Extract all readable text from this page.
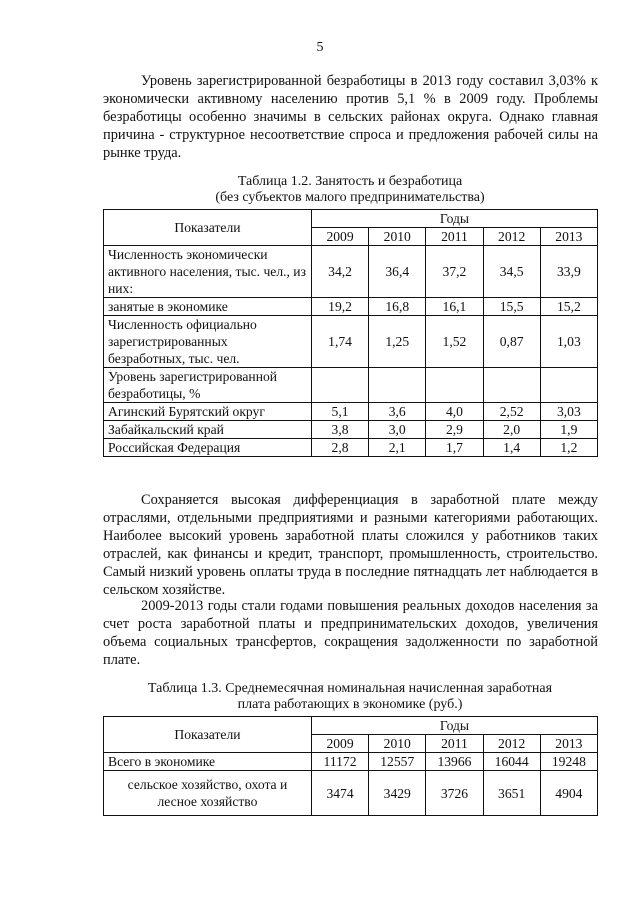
5

Уровень зарегистрированной безработицы в 2013 году составил 3,03% к экономически активному населению против 5,1 % в 2009 году. Проблемы безработицы особенно значимы в сельских районах округа. Однако главная причина - структурное несоответствие спроса и предложения рабочей силы на рынке труда.

Таблица 1.2. Занятость и безработица
(без субъектов малого предпринимательства)
Показатели	Годы				
	2009	2010	2011	2012	2013
Численность экономически активного населения, тыс. чел., из них:	34,2	36,4	37,2	34,5	33,9
занятые в экономике	19,2	16,8	16,1	15,5	15,2
Численность официально зарегистрированных безработных, тыс. чел.	1,74	1,25	1,52	0,87	1,03
Уровень зарегистрированной безработицы, %					
Агинский Бурятский округ	5,1	3,6	4,0	2,52	3,03
Забайкальский край	3,8	3,0	2,9	2,0	1,9
Российская Федерация	2,8	2,1	1,7	1,4	1,2

Сохраняется высокая дифференциация в заработной плате между отраслями, отдельными предприятиями и разными категориями работающих. Наиболее высокий уровень заработной платы сложился у работников таких отраслей, как финансы и кредит, транспорт, промышленность, строительство. Самый низкий уровень оплаты труда в последние пятнадцать лет наблюдается в сельском хозяйстве.

2009-2013 годы стали годами повышения реальных доходов населения за счет роста заработной платы и предпринимательских доходов, увеличения объема социальных трансфертов, сокращения задолженности по заработной плате.

Таблица 1.3. Среднемесячная номинальная начисленная заработная
плата работающих в экономике (руб.)
Показатели	Годы				
	2009	2010	2011	2012	2013
Всего в экономике	11172	12557	13966	16044	19248
сельское хозяйство, охота и лесное хозяйство	3474	3429	3726	3651	4904
